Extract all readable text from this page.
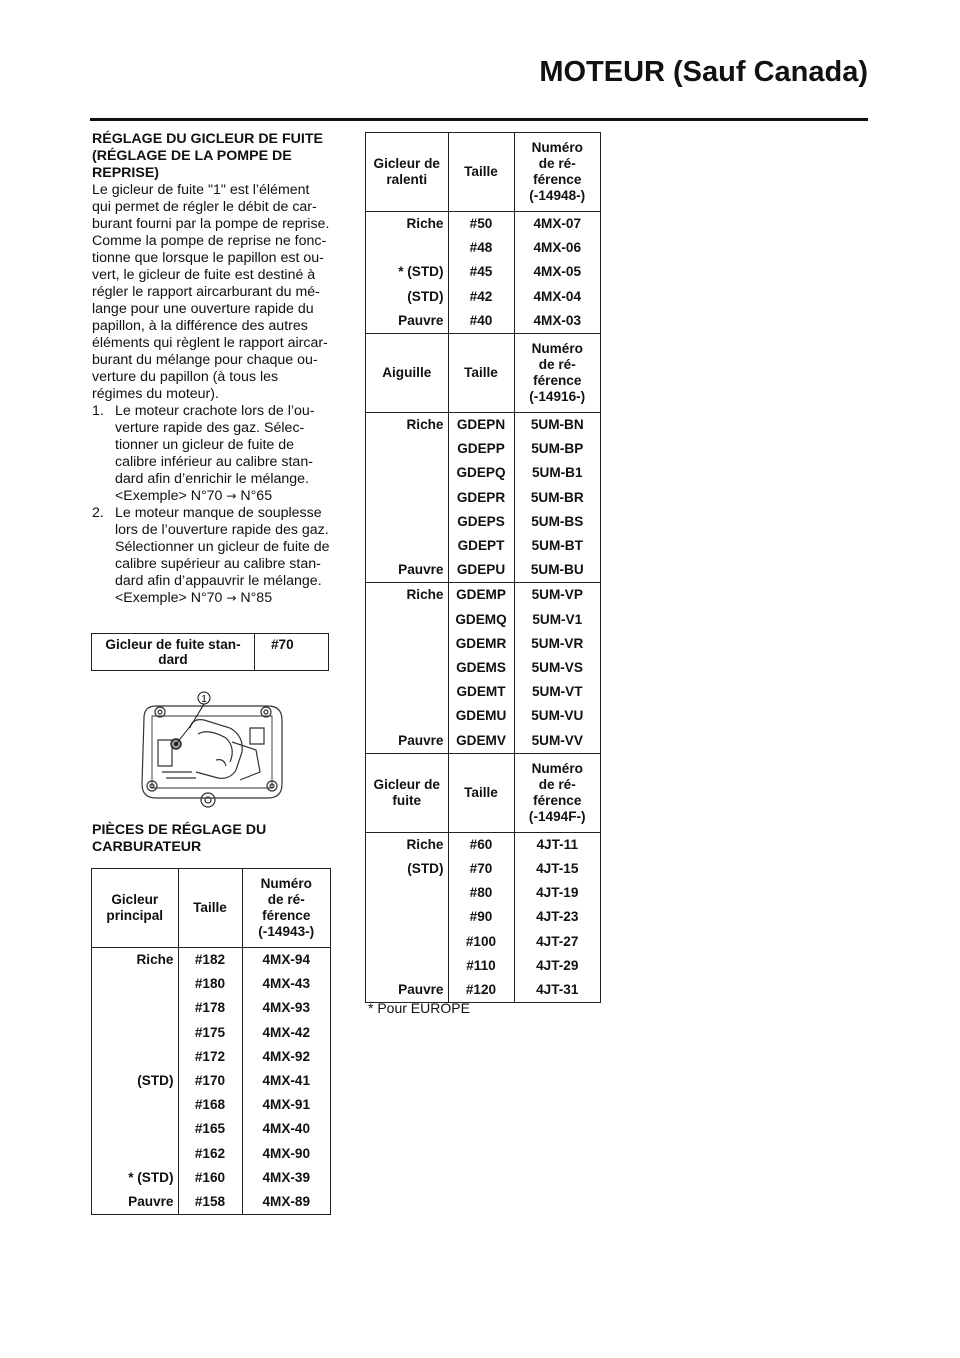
MOTEUR (Sauf Canada)
RÉGLAGE DU GICLEUR DE FUITE
(RÉGLAGE DE LA POMPE DE
REPRISE)
Le gicleur de fuite "1" est l’élément
qui permet de régler le débit de car-
burant fourni par la pompe de reprise.
Comme la pompe de reprise ne fonc-
tionne que lorsque le papillon est ou-
vert, le gicleur de fuite est destiné à
régler le rapport aircarburant du mé-
lange pour une ouverture rapide du
papillon, à la différence des autres
éléments qui règlent le rapport aircar-
burant du mélange pour chaque ou-
verture du papillon (à tous les
régimes du moteur).
1. Le moteur crachote lors de l’ou-
verture rapide des gaz. Sélec-
tionner un gicleur de fuite de
calibre inférieur au calibre stan-
dard afin d’enrichir le mélange.
<Exemple> N°70 → N°65
2. Le moteur manque de souplesse
lors de l’ouverture rapide des gaz.
Sélectionner un gicleur de fuite de
calibre supérieur au calibre stan-
dard afin d’appauvrir le mélange.
<Exemple> N°70 → N°85
Gicleur de fuite stan-dard	#70
1
PIÈCES DE RÉGLAGE DU
CARBURATEUR
Gicleur principal	Taille	Numéro de ré-férence (-14943-)
Riche	#182	4MX-94
	#180	4MX-43
	#178	4MX-93
	#175	4MX-42
	#172	4MX-92
(STD)	#170	4MX-41
	#168	4MX-91
	#165	4MX-40
	#162	4MX-90
* (STD)	#160	4MX-39
Pauvre	#158	4MX-89
Gicleur de ralenti	Taille	Numéro de ré-férence (-14948-)
Riche	#50	4MX-07
	#48	4MX-06
* (STD)	#45	4MX-05
(STD)	#42	4MX-04
Pauvre	#40	4MX-03
Aiguille	Taille	Numéro de ré-férence (-14916-)
Riche	GDEPN	5UM-BN
	GDEPP	5UM-BP
	GDEPQ	5UM-B1
	GDEPR	5UM-BR
	GDEPS	5UM-BS
	GDEPT	5UM-BT
Pauvre	GDEPU	5UM-BU
Riche	GDEMP	5UM-VP
	GDEMQ	5UM-V1
	GDEMR	5UM-VR
	GDEMS	5UM-VS
	GDEMT	5UM-VT
	GDEMU	5UM-VU
Pauvre	GDEMV	5UM-VV
Gicleur de fuite	Taille	Numéro de ré-férence (-1494F-)
Riche	#60	4JT-11
(STD)	#70	4JT-15
	#80	4JT-19
	#90	4JT-23
	#100	4JT-27
	#110	4JT-29
Pauvre	#120	4JT-31
* Pour EUROPE
